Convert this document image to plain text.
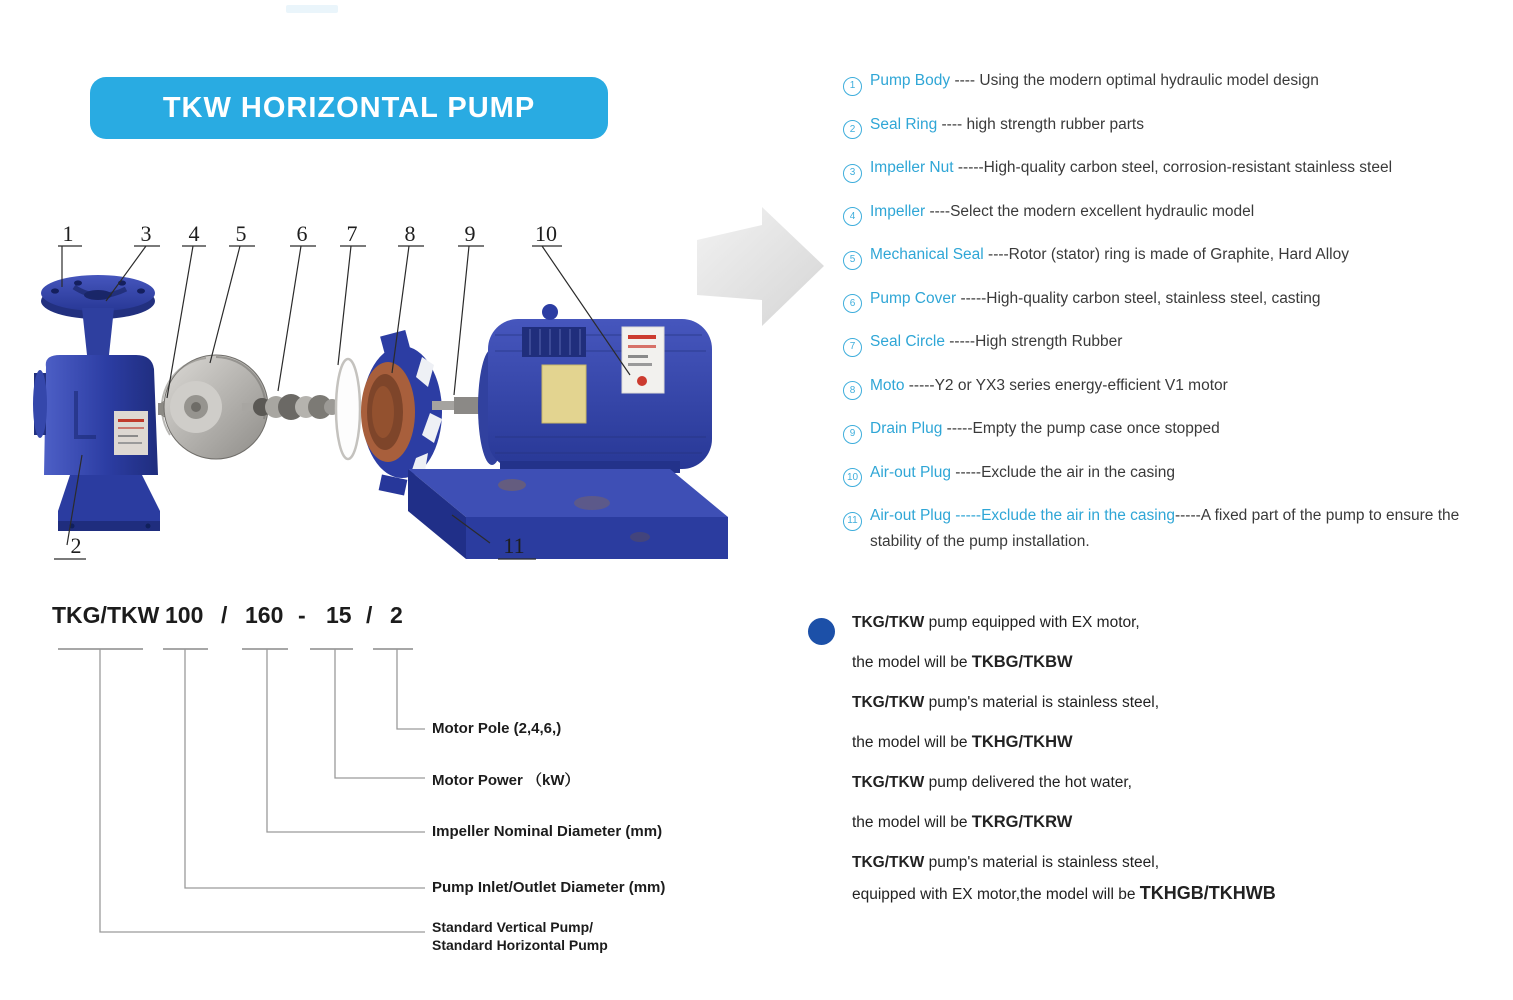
TKW HORIZONTAL PUMP
1	3 4 5 6 7 8 9	10
2	11
1 Pump Body ---- Using the modern optimal hydraulic model design
2 Seal Ring ---- high strength rubber parts
3 Impeller Nut -----High-quality carbon steel, corrosion-resistant stainless steel
4 Impeller ----Select the modern excellent hydraulic model
5 Mechanical Seal ----Rotor (stator) ring is made of Graphite, Hard Alloy
6 Pump Cover -----High-quality carbon steel, stainless steel, casting
7 Seal Circle -----High strength Rubber
8 Moto -----Y2 or YX3 series energy-efficient V1 motor
9 Drain Plug -----Empty the pump case once stopped
10 Air-out Plug -----Exclude the air in the casing
11 Air-out Plug -----Exclude the air in the casing-----A fixed part of the pump to ensure the stability of the pump installation.
TKG/TKW 100 / 160 - 15 / 2
Motor Pole (2,4,6,)
Motor Power （kW）
Impeller Nominal Diameter (mm)
Pump Inlet/Outlet Diameter (mm)
Standard Vertical Pump/
Standard Horizontal Pump
TKG/TKW pump equipped with EX motor,
the model will be TKBG/TKBW
TKG/TKW pump's material is stainless steel,
the model will be TKHG/TKHW
TKG/TKW pump delivered the hot water,
the model will be TKRG/TKRW
TKG/TKW pump's material is stainless steel,
equipped with EX motor,the model will be TKHGB/TKHWB
